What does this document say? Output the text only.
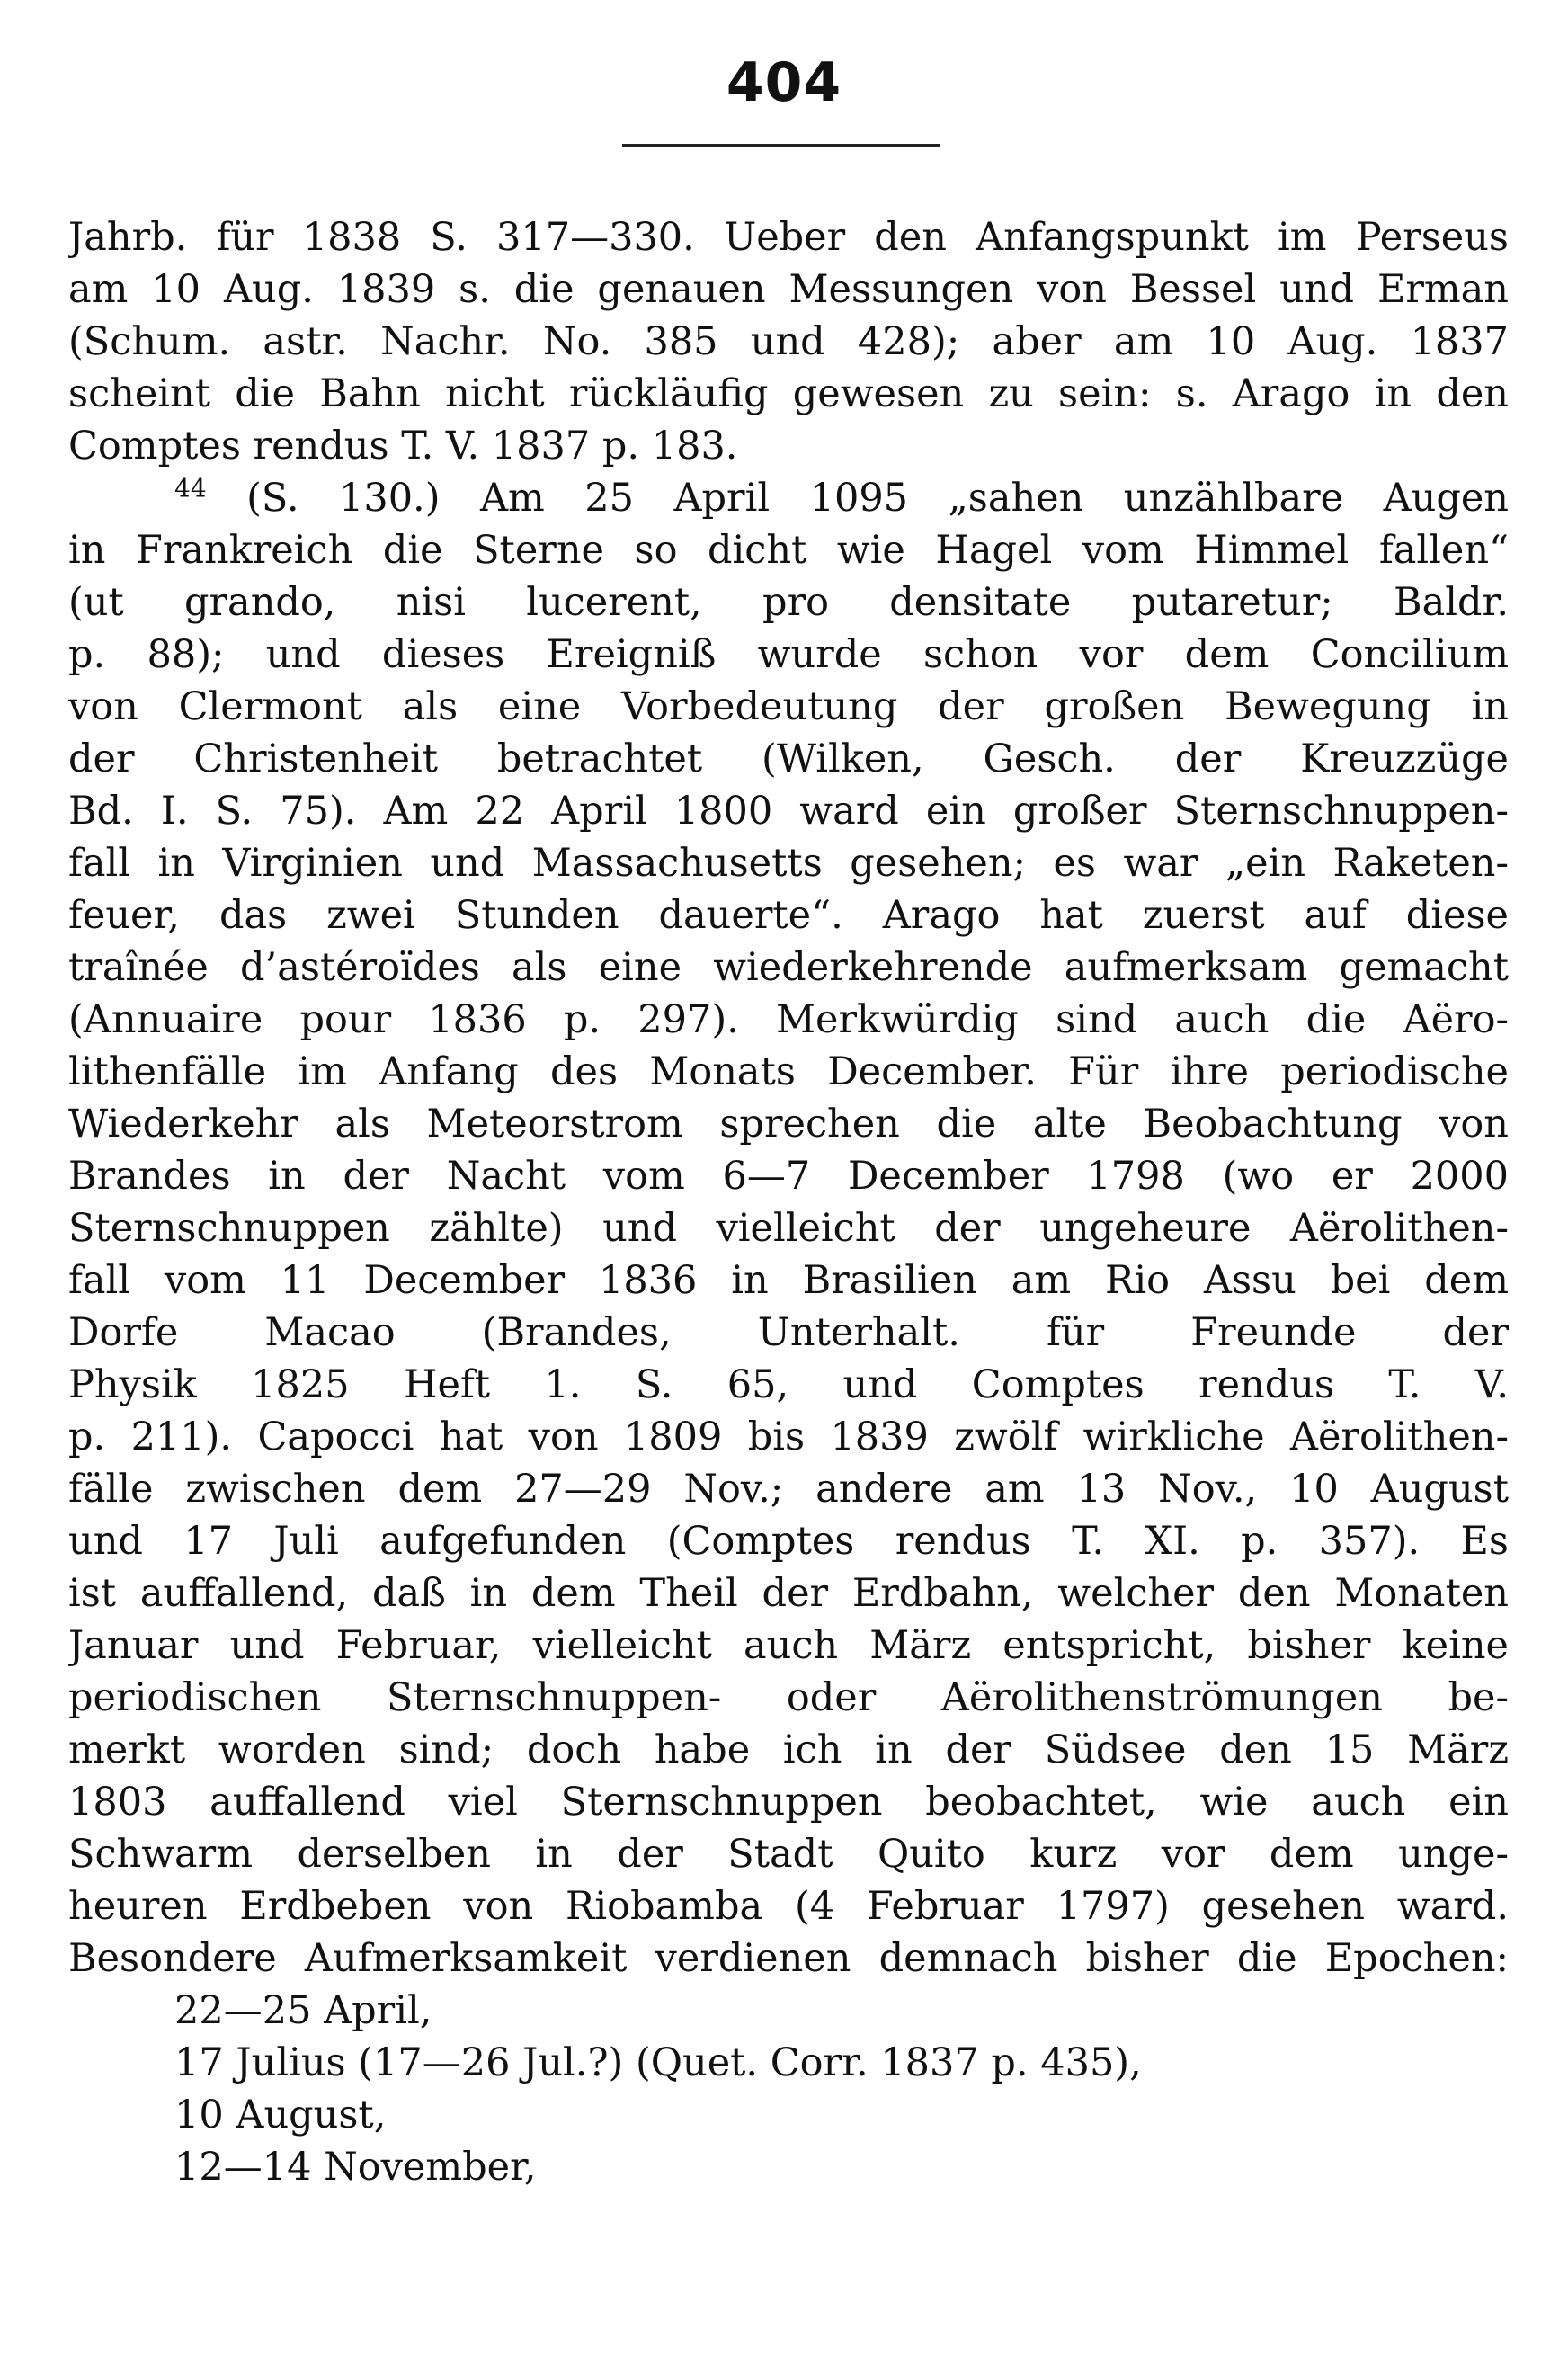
404
Jahrb. für 1838 S. 317—330. Ueber den Anfangspunkt im Perseus
am 10 Aug. 1839 s. die genauen Messungen von Bessel und Erman
(Schum. astr. Nachr. No. 385 und 428); aber am 10 Aug. 1837
scheint die Bahn nicht rückläufig gewesen zu sein: s. Arago in den
Comptes rendus T. V. 1837 p. 183.
$^{44}$ (S. 130.) Am 25 April 1095 „sahen unzählbare Augen
in Frankreich die Sterne so dicht wie Hagel vom Himmel fallen“
(ut grando, nisi lucerent, pro densitate putaretur; Baldr.
p. 88); und dieses Ereigniß wurde schon vor dem Concilium
von Clermont als eine Vorbedeutung der großen Bewegung in
der Christenheit betrachtet (Wilken, Gesch. der Kreuzzüge
Bd. I. S. 75). Am 22 April 1800 ward ein großer Sternschnuppen-
fall in Virginien und Massachusetts gesehen; es war „ein Raketen-
feuer, das zwei Stunden dauerte“. Arago hat zuerst auf diese
traînée d’astéroïdes als eine wiederkehrende aufmerksam gemacht
(Annuaire pour 1836 p. 297). Merkwürdig sind auch die Aëro-
lithenfälle im Anfang des Monats December. Für ihre periodische
Wiederkehr als Meteorstrom sprechen die alte Beobachtung von
Brandes in der Nacht vom 6—7 December 1798 (wo er 2000
Sternschnuppen zählte) und vielleicht der ungeheure Aërolithen-
fall vom 11 December 1836 in Brasilien am Rio Assu bei dem
Dorfe Macao (Brandes, Unterhalt. für Freunde der
Physik 1825 Heft 1. S. 65, und Comptes rendus T. V.
p. 211). Capocci hat von 1809 bis 1839 zwölf wirkliche Aërolithen-
fälle zwischen dem 27—29 Nov.; andere am 13 Nov., 10 August
und 17 Juli aufgefunden (Comptes rendus T. XI. p. 357). Es
ist auffallend, daß in dem Theil der Erdbahn, welcher den Monaten
Januar und Februar, vielleicht auch März entspricht, bisher keine
periodischen Sternschnuppen- oder Aërolithenströmungen be-
merkt worden sind; doch habe ich in der Südsee den 15 März
1803 auffallend viel Sternschnuppen beobachtet, wie auch ein
Schwarm derselben in der Stadt Quito kurz vor dem unge-
heuren Erdbeben von Riobamba (4 Februar 1797) gesehen ward.
Besondere Aufmerksamkeit verdienen demnach bisher die Epochen:
22—25 April,
17 Julius (17—26 Jul.?) (Quet. Corr. 1837 p. 435),
10 August,
12—14 November,
